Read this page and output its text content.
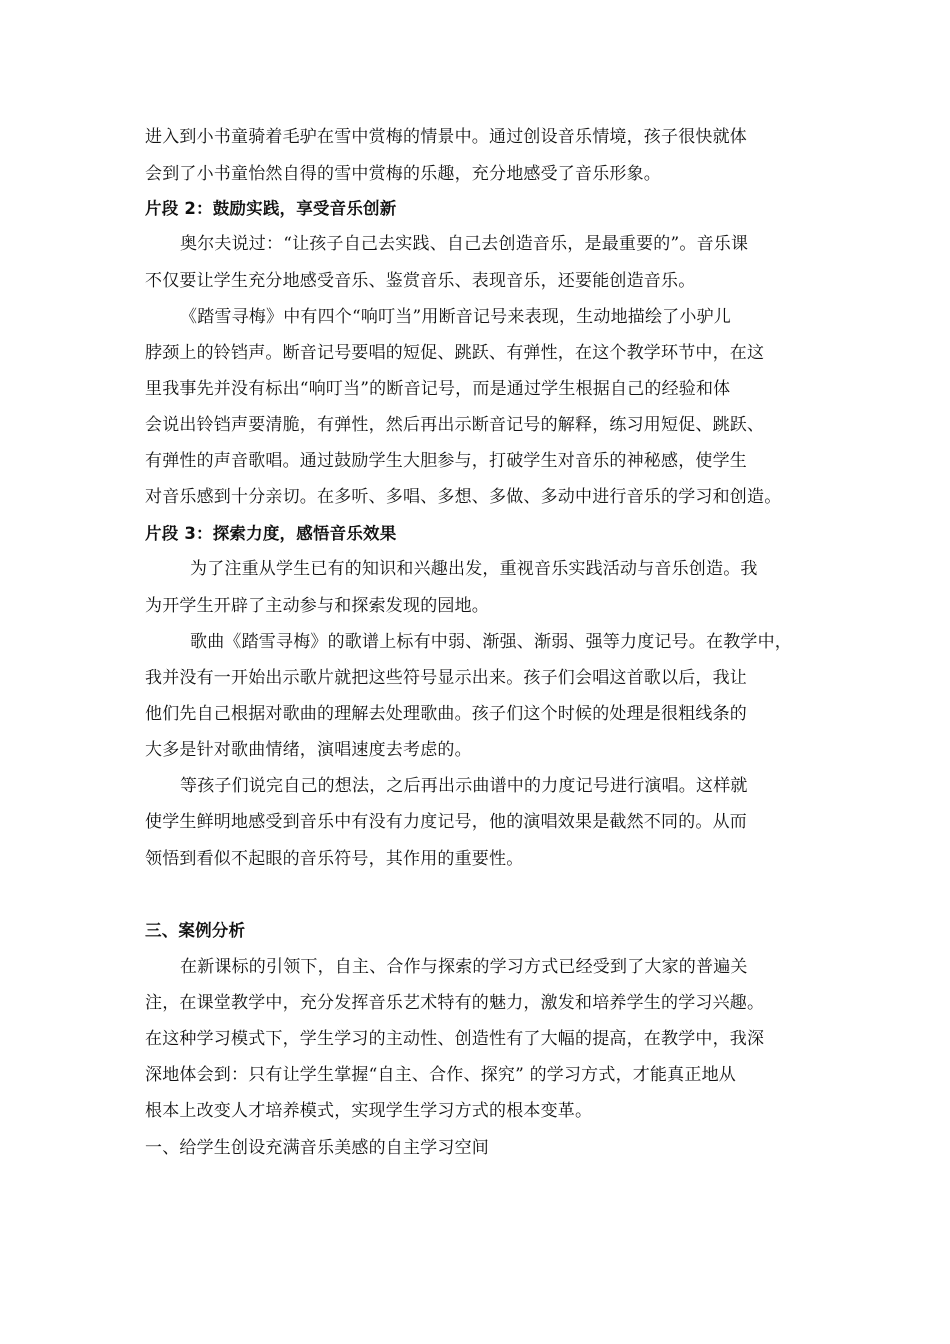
进入到小书童骑着毛驴在雪中赏梅的情景中。通过创设音乐情境，孩子很快就体
会到了小书童怡然自得的雪中赏梅的乐趣，充分地感受了音乐形象。
片段 2：鼓励实践，享受音乐创新
奥尔夫说过：“让孩子自己去实践、自己去创造音乐，是最重要的”。音乐课
不仅要让学生充分地感受音乐、鉴赏音乐、表现音乐，还要能创造音乐。
《踏雪寻梅》中有四个“响叮当”用断音记号来表现，生动地描绘了小驴儿
脖颈上的铃铛声。断音记号要唱的短促、跳跃、有弹性，在这个教学环节中，在这
里我事先并没有标出“响叮当”的断音记号，而是通过学生根据自己的经验和体
会说出铃铛声要清脆，有弹性，然后再出示断音记号的解释，练习用短促、跳跃、
有弹性的声音歌唱。通过鼓励学生大胆参与，打破学生对音乐的神秘感，使学生
对音乐感到十分亲切。在多听、多唱、多想、多做、多动中进行音乐的学习和创造。
片段 3：探索力度，感悟音乐效果
为了注重从学生已有的知识和兴趣出发，重视音乐实践活动与音乐创造。我
为开学生开辟了主动参与和探索发现的园地。
歌曲《踏雪寻梅》的歌谱上标有中弱、渐强、渐弱、强等力度记号。在教学中，
我并没有一开始出示歌片就把这些符号显示出来。孩子们会唱这首歌以后，我让
他们先自己根据对歌曲的理解去处理歌曲。孩子们这个时候的处理是很粗线条的
大多是针对歌曲情绪，演唱速度去考虑的。
等孩子们说完自己的想法，之后再出示曲谱中的力度记号进行演唱。这样就
使学生鲜明地感受到音乐中有没有力度记号，他的演唱效果是截然不同的。从而
领悟到看似不起眼的音乐符号，其作用的重要性。
三、案例分析
在新课标的引领下，自主、合作与探索的学习方式已经受到了大家的普遍关
注，在课堂教学中，充分发挥音乐艺术特有的魅力，激发和培养学生的学习兴趣。
在这种学习模式下，学生学习的主动性、创造性有了大幅的提高，在教学中，我深
深地体会到：只有让学生掌握“自主、合作、探究” 的学习方式，才能真正地从
根本上改变人才培养模式，实现学生学习方式的根本变革。
一、给学生创设充满音乐美感的自主学习空间
